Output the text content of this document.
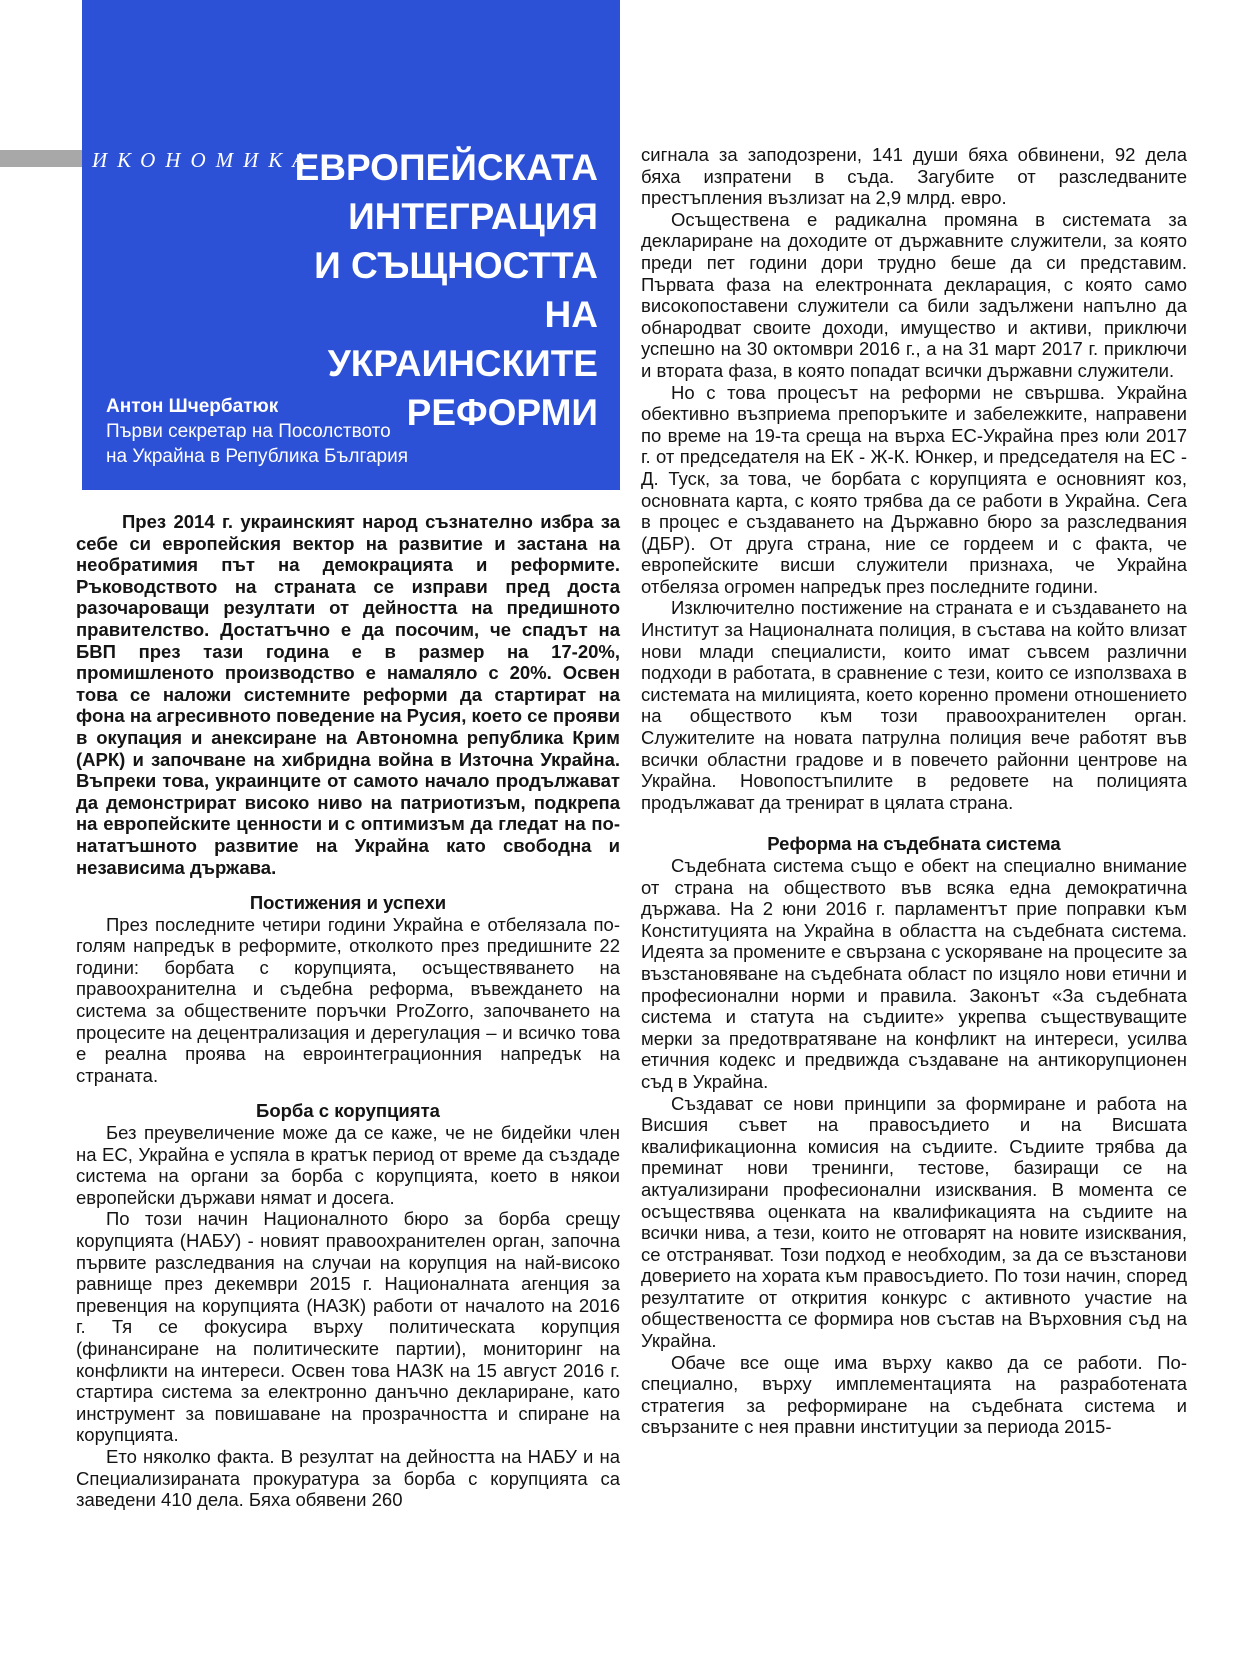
ИКОНОМИКА
ЕВРОПЕЙСКАТА
ИНТЕГРАЦИЯ
И СЪЩНОСТТА
НА УКРАИНСКИТЕ
РЕФОРМИ
Антон Шчербатюк
Първи секретар на Посолството
на Украйна в Република България

През 2014 г. украинският народ съзнателно избра за себе си европейския вектор на развитие и застана на необратимия път на демокрацията и реформите. Ръководството на страната се изправи пред доста разочароващи резултати от дейността на предишното правителство. Достатъчно е да посочим, че спадът на БВП през тази година е в размер на 17-20%, промишленото производство е намаляло с 20%. Освен това се наложи системните реформи да стартират на фона на агресивното поведение на Русия, което се прояви в окупация и анексиране на Автономна република Крим (АРК) и започване на хибридна война в Източна Украйна. Въпреки това, украинците от самото начало продължават да демонстрират високо ниво на патриотизъм, подкрепа на европейските ценности и с оптимизъм да гледат на по-нататъшното развитие на Украйна като свободна и независима държава.

Постижения и успехи

През последните четири години Украйна е отбелязала по-голям напредък в реформите, отколкото през предишните 22 години: борбата с корупцията, осъществяването на правоохранителна и съдебна реформа, въвеждането на система за обществените поръчки ProZorro, започването на процесите на децентрализация и дерегулация – и всичко това е реална проява на евроинтеграционния напредък на страната.

Борба с корупцията

Без преувеличение може да се каже, че не бидейки член на ЕС, Украйна е успяла в кратък период от време да създаде система на органи за борба с корупцията, което в някои европейски държави нямат и досега.

По този начин Националното бюро за борба срещу корупцията (НАБУ) - новият правоохранителен орган, започна първите разследвания на случаи на корупция на най-високо равнище през декември 2015 г. Националната агенция за превенция на корупцията (НАЗК) работи от началото на 2016 г. Тя се фокусира върху политическата корупция (финансиране на политическите партии), мониторинг на конфликти на интереси. Освен това НАЗК на 15 август 2016 г. стартира система за електронно данъчно деклариране, като инструмент за повишаване на прозрачността и спиране на корупцията.

Ето няколко факта. В резултат на дейността на НАБУ и на Специализираната прокуратура за борба с корупцията са заведени 410 дела. Бяха обявени 260

сигнала за заподозрени, 141 души бяха обвинени, 92 дела бяха изпратени в съда. Загубите от разследваните престъпления възлизат на 2,9 млрд. евро.

Осъществена е радикална промяна в системата за деклариране на доходите от държавните служители, за която преди пет години дори трудно беше да си представим. Първата фаза на електронната декларация, с която само високопоставени служители са били задължени напълно да обнародват своите доходи, имущество и активи, приключи успешно на 30 октомври 2016 г., а на 31 март 2017 г. приключи и втората фаза, в която попадат всички държавни служители.

Но с това процесът на реформи не свършва. Украйна обективно възприема препоръките и забележките, направени по време на 19-та среща на върха ЕС-Украйна през юли 2017 г. от председателя на ЕК - Ж-К. Юнкер, и председателя на ЕС - Д. Туск, за това, че борбата с корупцията е основният коз, основната карта, с която трябва да се работи в Украйна. Сега в процес е създаването на Държавно бюро за разследвания (ДБР). От друга страна, ние се гордеем и с факта, че европейските висши служители признаха, че Украйна отбеляза огромен напредък през последните години.

Изключително постижение на страната е и създаването на Институт за Националната полиция, в състава на който влизат нови млади специалисти, които имат съвсем различни подходи в работата, в сравнение с тези, които се използваха в системата на милицията, което коренно промени отношението на обществото към този правоохранителен орган. Служителите на новата патрулна полиция вече работят във всички областни градове и в повечето районни центрове на Украйна. Новопостъпилите в редовете на полицията продължават да тренират в цялата страна.

Реформа на съдебната система

Съдебната система също е обект на специално внимание от страна на обществото във всяка една демократична държава. На 2 юни 2016 г. парламентът прие поправки към Конституцията на Украйна в областта на съдебната система. Идеята за промените е свързана с ускоряване на процесите за възстановяване на съдебната област по изцяло нови етични и професионални норми и правила. Законът «За съдебната система и статута на съдиите» укрепва съществуващите мерки за предотвратяване на конфликт на интереси, усилва етичния кодекс и предвижда създаване на антикорупционен съд в Украйна.

Създават се нови принципи за формиране и работа на Висшия съвет на правосъдието и на Висшата квалификационна комисия на съдиите. Съдиите трябва да преминат нови тренинги, тестове, базиращи се на актуализирани професионални изисквания. В момента се осъществява оценката на квалификацията на съдиите на всички нива, а тези, които не отговарят на новите изисквания, се отстраняват. Този подход е необходим, за да се възстанови доверието на хората към правосъдието. По този начин, според резултатите от открития конкурс с активното участие на обществеността се формира нов състав на Върховния съд на Украйна.

Обаче все още има върху какво да се работи. По-специално, върху имплементацията на разработената стратегия за реформиране на съдебната система и свързаните с нея правни институции за периода 2015-
